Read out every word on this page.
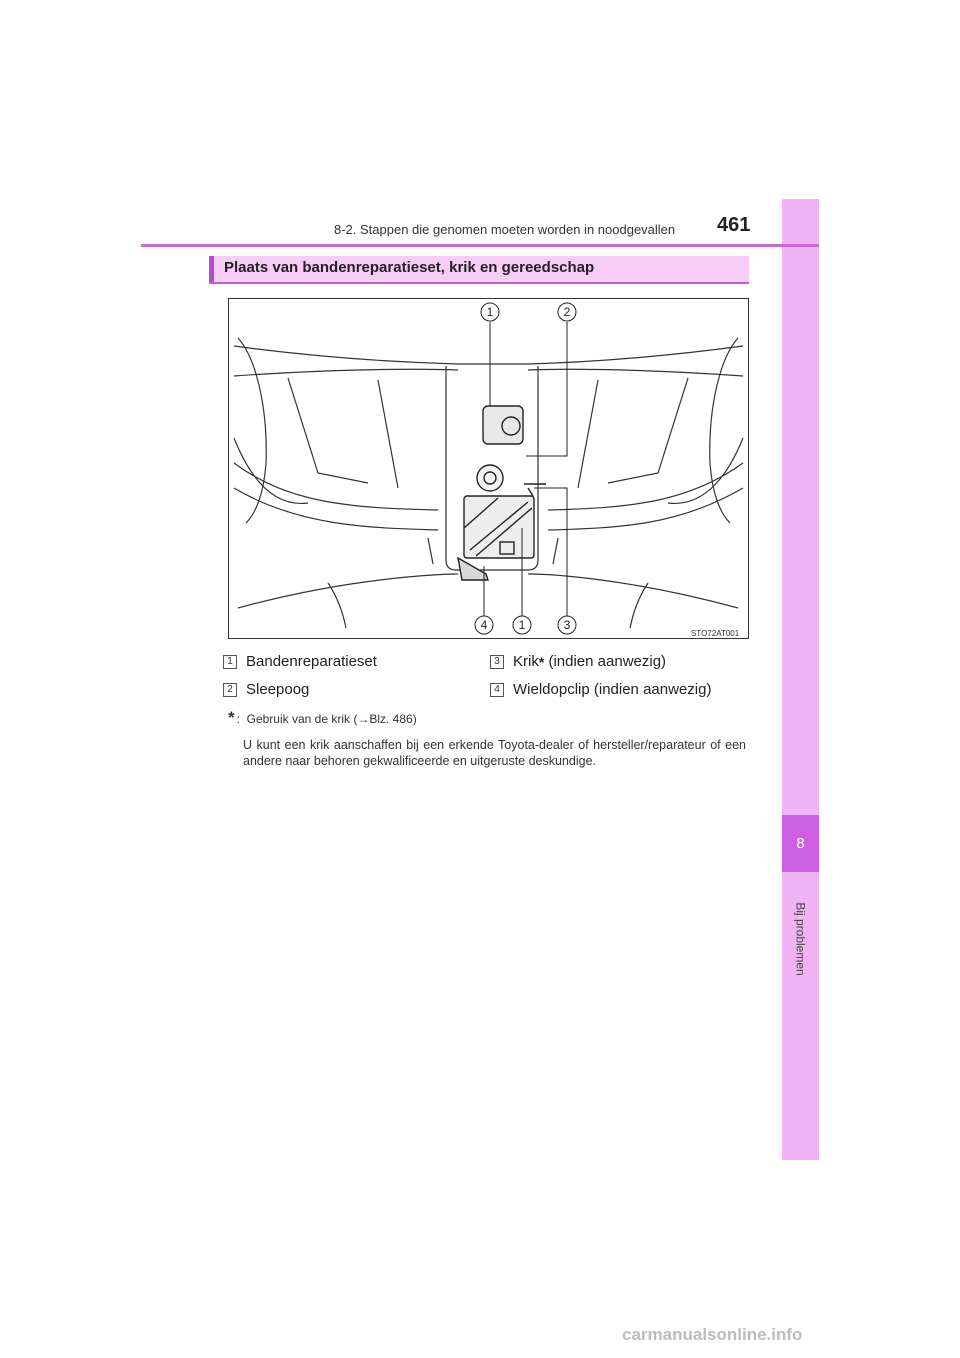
8
Bij problemen
8-2. Stappen die genomen moeten worden in noodgevallen 461
Plaats van bandenreparatieset, krik en gereedschap
1	2
4	1	3
STO72AT001
1 Bandenreparatieset
2 Sleepoog
3 Krik * (indien aanwezig)
4 Wieldopclip (indien aanwezig)
* :  Gebruik van de krik (→Blz. 486)
U kunt een krik aanschaffen bij een erkende Toyota-dealer of hersteller/reparateur of een andere naar behoren gekwalificeerde en uitgeruste deskundige.
carmanualsonline.info
